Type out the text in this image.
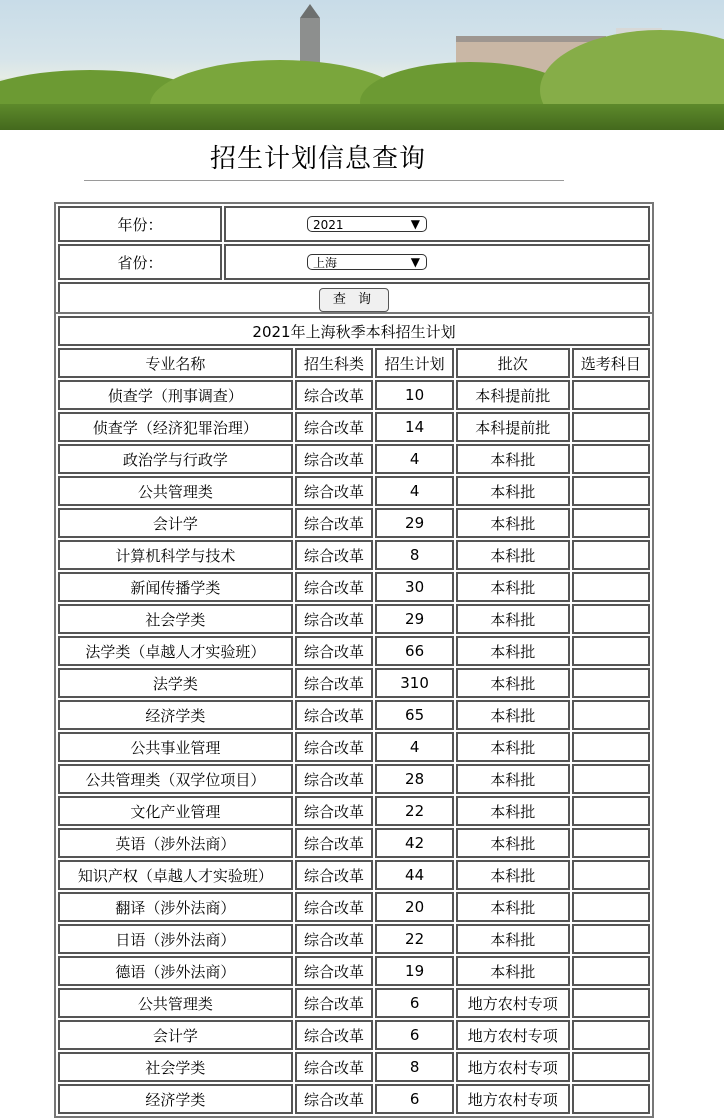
招生计划信息查询
年份：	2021 ▼

省份：	上海 ▼

查 询	
2021年上海秋季本科招生计划				
专业名称	招生科类	招生计划	批次	选考科目
侦查学（刑事调查）	综合改革	10	本科提前批	
侦查学（经济犯罪治理）	综合改革	14	本科提前批	
政治学与行政学	综合改革	4	本科批	
公共管理类	综合改革	4	本科批	
会计学	综合改革	29	本科批	
计算机科学与技术	综合改革	8	本科批	
新闻传播学类	综合改革	30	本科批	
社会学类	综合改革	29	本科批	
法学类（卓越人才实验班）	综合改革	66	本科批	
法学类	综合改革	310	本科批	
经济学类	综合改革	65	本科批	
公共事业管理	综合改革	4	本科批	
公共管理类（双学位项目）	综合改革	28	本科批	
文化产业管理	综合改革	22	本科批	
英语（涉外法商）	综合改革	42	本科批	
知识产权（卓越人才实验班）	综合改革	44	本科批	
翻译（涉外法商）	综合改革	20	本科批	
日语（涉外法商）	综合改革	22	本科批	
德语（涉外法商）	综合改革	19	本科批	
公共管理类	综合改革	6	地方农村专项	
会计学	综合改革	6	地方农村专项	
社会学类	综合改革	8	地方农村专项	
经济学类	综合改革	6	地方农村专项	
